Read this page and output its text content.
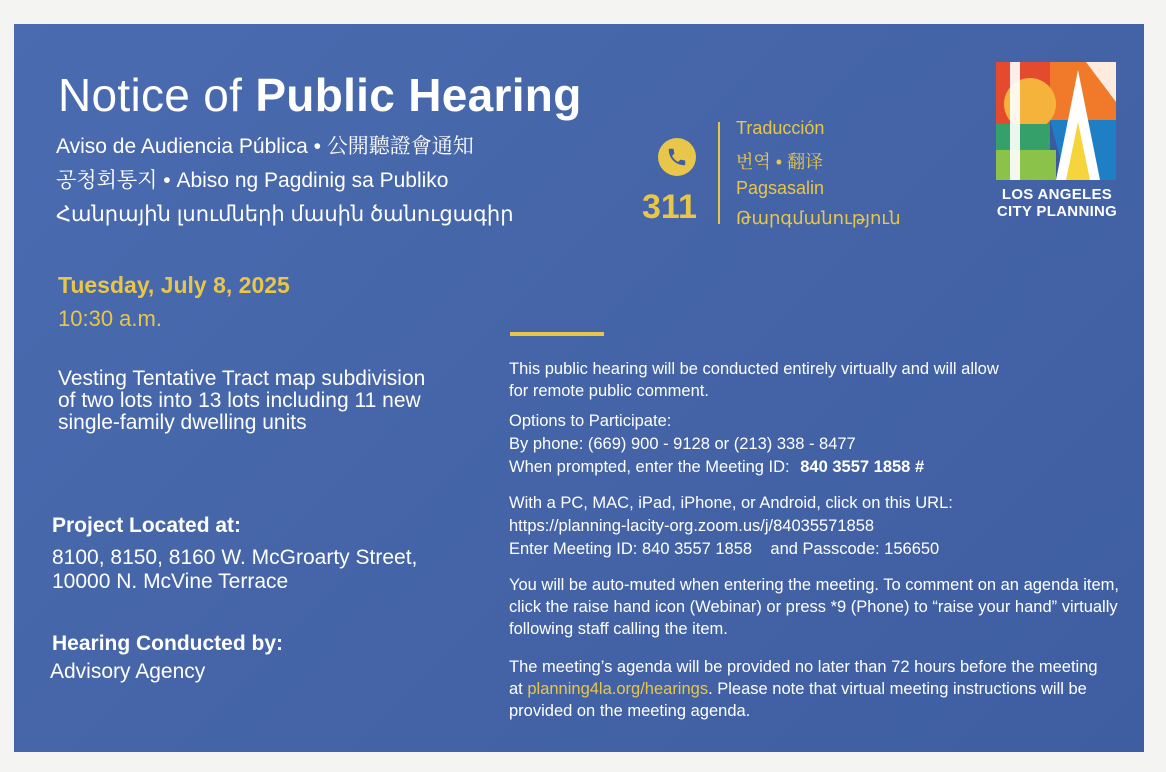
Notice of Public Hearing
Aviso de Audiencia Pública • 公開聽證會通知
공청회통지 • Abiso ng Pagdinig sa Publiko
Հանրային լսումների մասին ծանուցագիր	311
Traducción
번역 • 翻译
Pagsasalin
Թարգմանություն
LOS ANGELES
CITY PLANNING
Tuesday, July 8, 2025
10:30 a.m.
Vesting Tentative Tract map subdivision of two lots into 13 lots including 11 new single-family dwelling units
Project Located at:
8100, 8150, 8160 W. McGroarty Street,
10000 N. McVine Terrace
Hearing Conducted by:
Advisory Agency
This public hearing will be conducted entirely virtually and will allow for remote public comment.
Options to Participate:
By phone: (669) 900 - 9128 or (213) 338 - 8477
When prompted, enter the Meeting ID: 840 3557 1858 #
With a PC, MAC, iPad, iPhone, or Android, click on this URL:
https://planning-lacity-org.zoom.us/j/84035571858
Enter Meeting ID: 840 3557 1858    and Passcode: 156650
You will be auto-muted when entering the meeting. To comment on an agenda item, click the raise hand icon (Webinar) or press *9 (Phone) to “raise your hand” virtually following staff calling the item.
The meeting’s agenda will be provided no later than 72 hours before the meeting at planning4la.org/hearings. Please note that virtual meeting instructions will be provided on the meeting agenda.
